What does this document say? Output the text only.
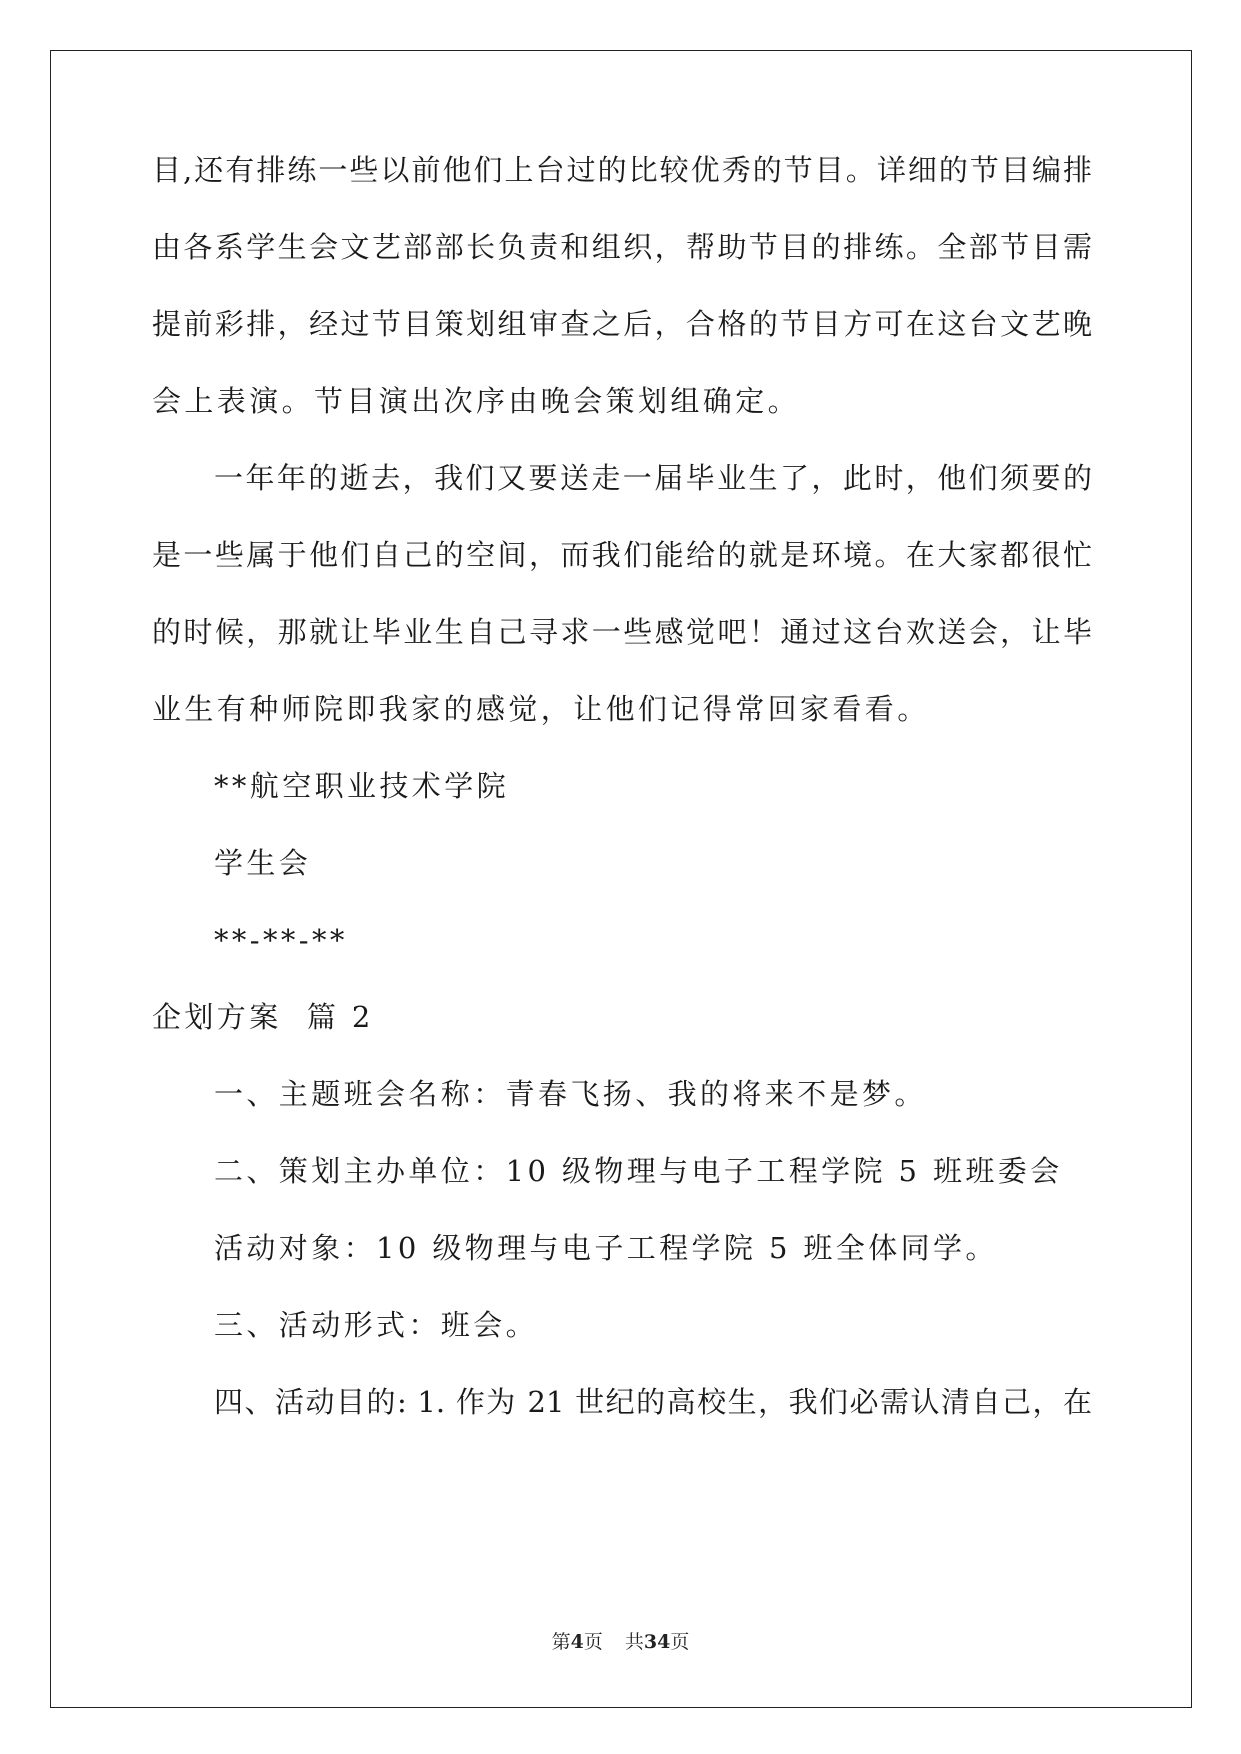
目,还有排练一些以前他们上台过的比较优秀的节目。详细的节目编排
由各系学生会文艺部部长负责和组织，帮助节目的排练。全部节目需
提前彩排，经过节目策划组审查之后，合格的节目方可在这台文艺晚
会上表演。节目演出次序由晚会策划组确定。
一年年的逝去，我们又要送走一届毕业生了，此时，他们须要的
是一些属于他们自己的空间，而我们能给的就是环境。在大家都很忙
的时候，那就让毕业生自己寻求一些感觉吧！通过这台欢送会，让毕
业生有种师院即我家的感觉，让他们记得常回家看看。
**航空职业技术学院
学生会
**-**-**
企划方案  篇 2
一、主题班会名称：青春飞扬、我的将来不是梦。
二、策划主办单位：10 级物理与电子工程学院 5 班班委会
活动对象：10 级物理与电子工程学院 5 班全体同学。
三、活动形式：班会。
四、活动目的: 1. 作为 21 世纪的高校生，我们必需认清自己，在
第4页 共34页
